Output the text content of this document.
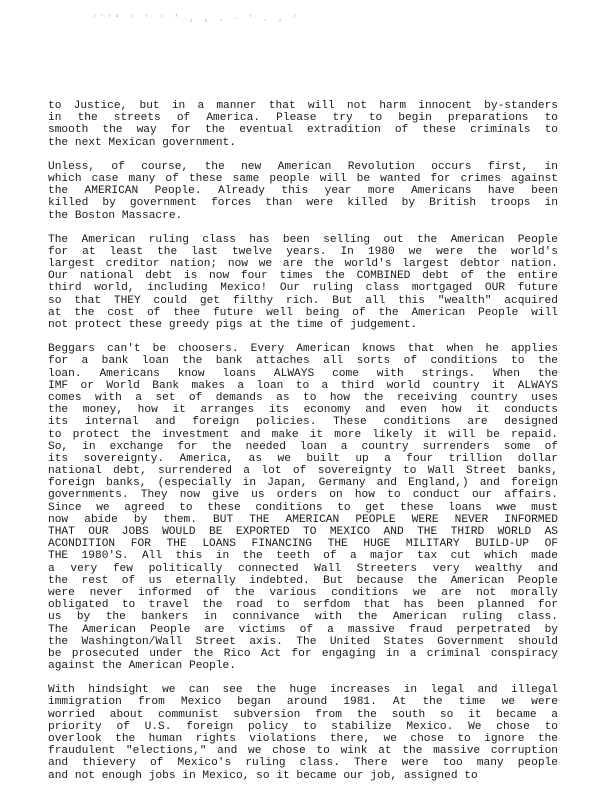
'`'° ' ' ' ‘ , , . · ' . , '
to Justice, but in a manner that will not harm innocent by-standers
in the streets of America. Please try to begin preparations to
smooth the way for the eventual extradition of these criminals to
the next Mexican government.
Unless, of course, the new American Revolution occurs first, in
which case many of these same people will be wanted for crimes against
the AMERICAN People. Already this year more Americans have been
killed by government forces than were killed by British troops in
the Boston Massacre.
The American ruling class has been selling out the American People
for at least the last twelve years. In 1980 we were the world's
largest creditor nation; now we are the world's largest debtor nation.
Our national debt is now four times the COMBINED debt of the entire
third world, including Mexico! Our ruling class mortgaged OUR future
so that THEY could get filthy rich. But all this "wealth" acquired
at the cost of thee future well being of the American People will
not protect these greedy pigs at the time of judgement.
Beggars can't be choosers. Every American knows that when he applies
for a bank loan the bank attaches all sorts of conditions to the
loan. Americans know loans ALWAYS come with strings. When the
IMF or World Bank makes a loan to a third world country it ALWAYS
comes with a set of demands as to how the receiving country uses
the money, how it arranges its economy and even how it conducts
its internal and foreign policies. These conditions are designed
to protect the investment and make it more likely it will be repaid.
So, in exchange for the needed loan a country surrenders some of
its sovereignty. America, as we built up a four trillion dollar
national debt, surrendered a lot of sovereignty to Wall Street banks,
foreign banks, (especially in Japan, Germany and England,) and foreign
governments. They now give us orders on how to conduct our affairs.
Since we agreed to these conditions to get these loans wwe must
now abide by them. BUT THE AMERICAN PEOPLE WERE NEVER INFORMED
THAT OUR JOBS WOULD BE EXPORTED TO MEXICO AND THE THIRD WORLD AS
ACONDITION FOR THE LOANS FINANCING THE HUGE MILITARY BUILD-UP OF
THE 1980'S. All this in the teeth of a major tax cut which made
a very few politically connected Wall Streeters very wealthy and
the rest of us eternally indebted. But because the American People
were never informed of the various conditions we are not morally
obligated to travel the road to serfdom that has been planned for
us by the bankers in connivance with the American ruling class.
The American People are victims of a massive fraud perpetrated by
the Washington/Wall Street axis. The United States Government should
be prosecuted under the Rico Act for engaging in a criminal conspiracy
against the American People.
With hindsight we can see the huge increases in legal and illegal
immigration from Mexico began around 1981. At the time we were
worried about communist subversion from the south so it became a
priority of U.S. foreign policy to stabilize Mexico. We chose to
overlook the human rights violations there, we chose to ignore the
fraudulent "elections," and we chose to wink at the massive corruption
and thievery of Mexico's ruling class. There were too many people
and not enough jobs in Mexico, so it became our job, assigned to
